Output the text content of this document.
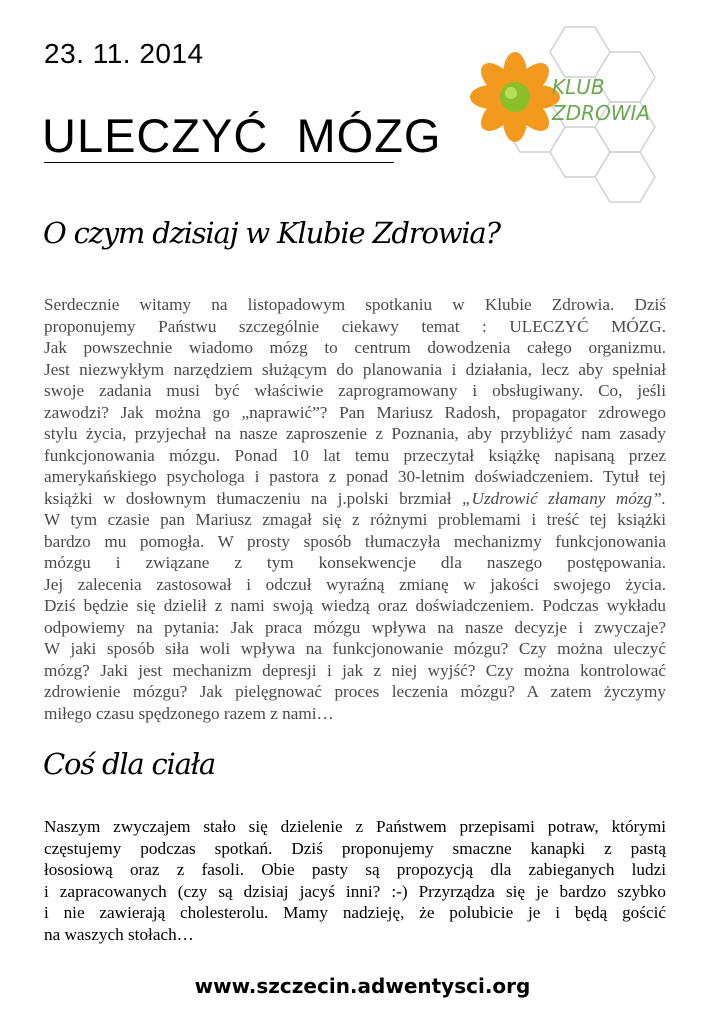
23. 11. 2014
ULECZYĆ  MÓZG
KLUB
ZDROWIA
O czym dzisiaj w Klubie Zdrowia?
Serdecznie witamy na listopadowym spotkaniu w Klubie Zdrowia. Dziś
proponujemy Państwu szczególnie ciekawy temat : ULECZYĆ MÓZG.
Jak powszechnie wiadomo mózg to centrum dowodzenia całego organizmu.
Jest niezwykłym narzędziem służącym do planowania i działania, lecz aby spełniał
swoje zadania musi być właściwie zaprogramowany i obsługiwany. Co, jeśli
zawodzi? Jak można go „naprawić”? Pan Mariusz Radosh, propagator zdrowego
stylu życia, przyjechał na nasze zaproszenie z Poznania, aby przybliżyć nam zasady
funkcjonowania mózgu. Ponad 10 lat temu przeczytał książkę napisaną przez
amerykańskiego psychologa i pastora z ponad 30-letnim doświadczeniem. Tytuł tej
książki w dosłownym tłumaczeniu na j.polski brzmiał „Uzdrowić złamany mózg”.
W tym czasie pan Mariusz zmagał się z różnymi problemami i treść tej książki
bardzo mu pomogła. W prosty sposób tłumaczyła mechanizmy funkcjonowania
mózgu i związane z tym konsekwencje dla naszego postępowania.
Jej zalecenia zastosował i odczuł wyraźną zmianę w jakości swojego życia.
Dziś będzie się dzielił z nami swoją wiedzą oraz doświadczeniem. Podczas wykładu
odpowiemy na pytania: Jak praca mózgu wpływa na nasze decyzje i zwyczaje?
W jaki sposób siła woli wpływa na funkcjonowanie mózgu? Czy można uleczyć
mózg? Jaki jest mechanizm depresji i jak z niej wyjść? Czy można kontrolować
zdrowienie mózgu? Jak pielęgnować proces leczenia mózgu? A zatem życzymy
miłego czasu spędzonego razem z nami…
Coś dla ciała
Naszym zwyczajem stało się dzielenie z Państwem przepisami potraw, którymi
częstujemy podczas spotkań. Dziś proponujemy smaczne kanapki z pastą
łososiową oraz z fasoli. Obie pasty są propozycją dla zabieganych ludzi
i zapracowanych (czy są dzisiaj jacyś inni? :-) Przyrządza się je bardzo szybko
i nie zawierają cholesterolu. Mamy nadzieję, że polubicie je i będą gościć
na waszych stołach…
www.szczecin.adwentysci.org
